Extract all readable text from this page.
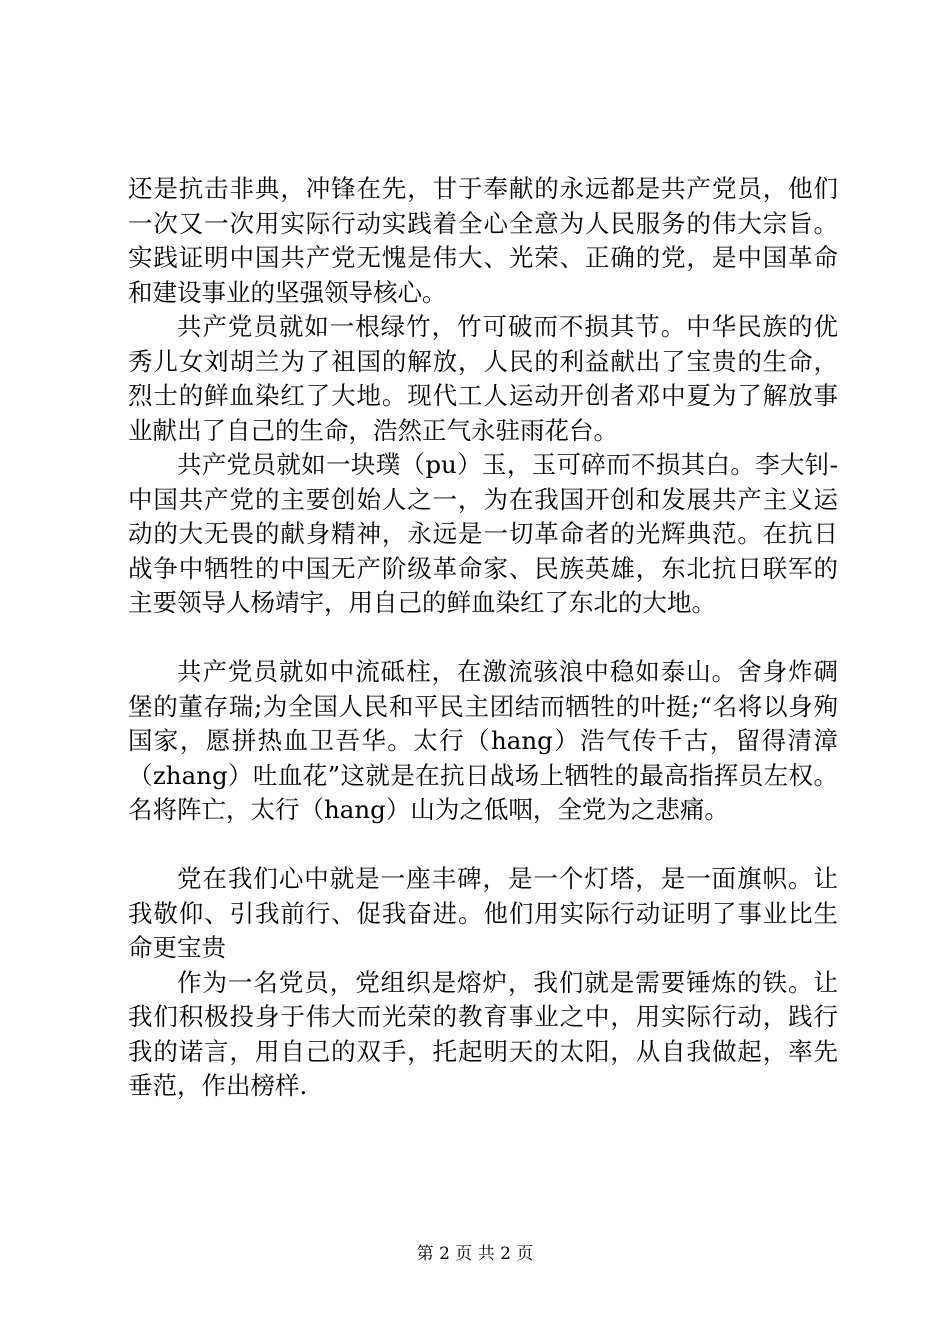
还是抗击非典，冲锋在先，甘于奉献的永远都是共产党员，他们一次又一次用实际行动实践着全心全意为人民服务的伟大宗旨。实践证明中国共产党无愧是伟大、光荣、正确的党，是中国革命和建设事业的坚强领导核心。

共产党员就如一根绿竹，竹可破而不损其节。中华民族的优秀儿女刘胡兰为了祖国的解放，人民的利益献出了宝贵的生命，烈士的鲜血染红了大地。现代工人运动开创者邓中夏为了解放事业献出了自己的生命，浩然正气永驻雨花台。

共产党员就如一块璞（pu）玉，玉可碎而不损其白。李大钊-中国共产党的主要创始人之一，为在我国开创和发展共产主义运动的大无畏的献身精神，永远是一切革命者的光辉典范。在抗日战争中牺牲的中国无产阶级革命家、民族英雄，东北抗日联军的主要领导人杨靖宇，用自己的鲜血染红了东北的大地。

共产党员就如中流砥柱，在激流骇浪中稳如泰山。舍身炸碉堡的董存瑞;为全国人民和平民主团结而牺牲的叶挺;“名将以身殉国家，愿拼热血卫吾华。太行（hang）浩气传千古，留得清漳（zhang）吐血花”这就是在抗日战场上牺牲的最高指挥员左权。名将阵亡，太行（hang）山为之低咽，全党为之悲痛。

党在我们心中就是一座丰碑，是一个灯塔，是一面旗帜。让我敬仰、引我前行、促我奋进。他们用实际行动证明了事业比生命更宝贵

作为一名党员，党组织是熔炉，我们就是需要锤炼的铁。让我们积极投身于伟大而光荣的教育事业之中，用实际行动，践行我的诺言，用自己的双手，托起明天的太阳，从自我做起，率先垂范，作出榜样.

第 2 页 共 2 页
